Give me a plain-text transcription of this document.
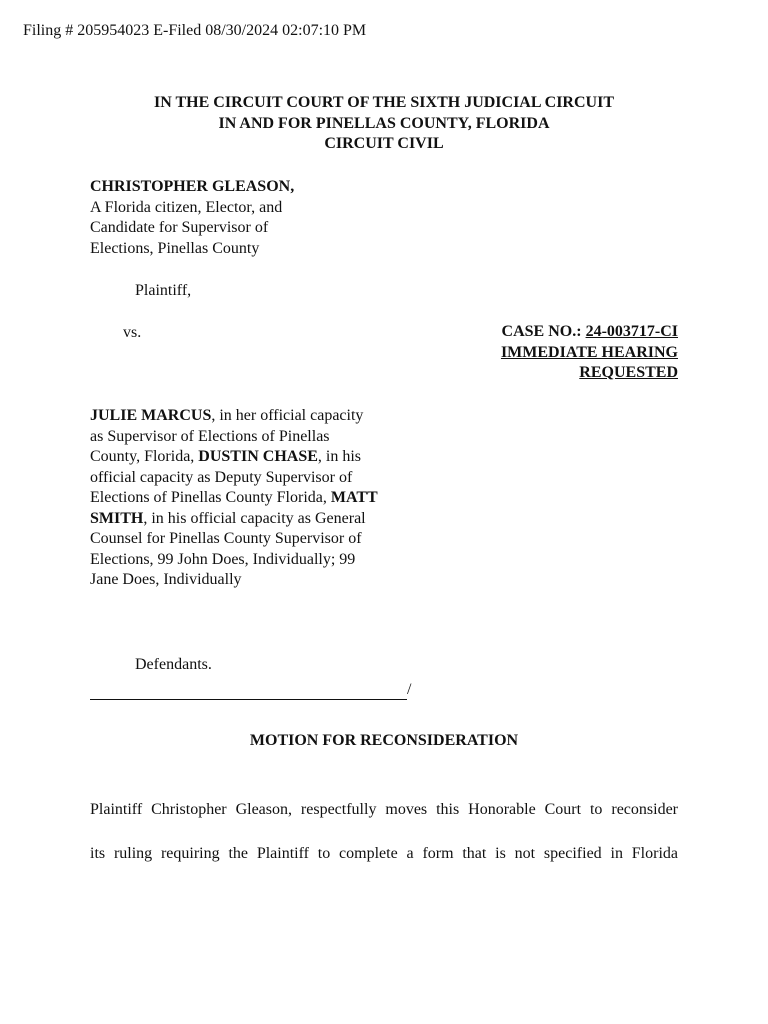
Filing # 205954023 E-Filed 08/30/2024 02:07:10 PM
IN THE CIRCUIT COURT OF THE SIXTH JUDICIAL CIRCUIT
IN AND FOR PINELLAS COUNTY, FLORIDA
CIRCUIT CIVIL
CHRISTOPHER GLEASON,
A Florida citizen, Elector, and
Candidate for Supervisor of
Elections, Pinellas County
Plaintiff,
vs.	CASE NO.: 24-003717-CI
IMMEDIATE HEARING
REQUESTED
JULIE MARCUS, in her official capacity as Supervisor of Elections of Pinellas County, Florida, DUSTIN CHASE, in his official capacity as Deputy Supervisor of Elections of Pinellas County Florida, MATT SMITH, in his official capacity as General Counsel for Pinellas County Supervisor of Elections, 99 John Does, Individually; 99 Jane Does, Individually
Defendants.
/
MOTION FOR RECONSIDERATION
Plaintiff Christopher Gleason, respectfully moves this Honorable Court to reconsider
its ruling requiring the Plaintiff to complete a form that is not specified in Florida
